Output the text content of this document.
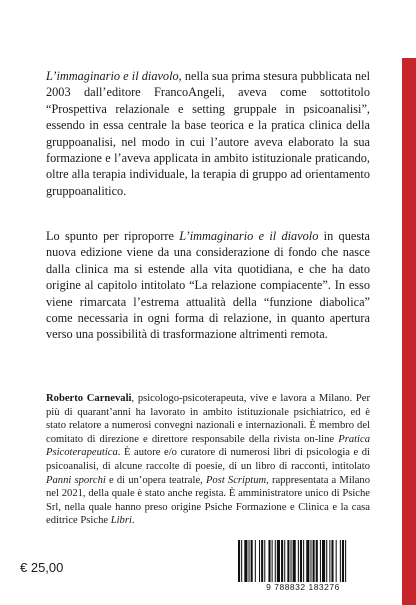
L’immaginario e il diavolo, nella sua prima stesura pubblicata nel 2003 dall’editore FrancoAngeli, aveva come sottotitolo “Prospettiva relazionale e setting gruppale in psicoanalisi”, essendo in essa centrale la base teorica e la pratica clinica della gruppoanalisi, nel modo in cui l’autore aveva elaborato la sua formazione e l’aveva applicata in ambito istituzionale praticando, oltre alla terapia individuale, la terapia di gruppo ad orientamento gruppoanalitico.

Lo spunto per riproporre L’immaginario e il diavolo in questa nuova edizione viene da una considerazione di fondo che nasce dalla clinica ma si estende alla vita quotidiana, e che ha dato origine al capitolo intitolato “La relazione compiacente”. In esso viene rimarcata l’estrema attualità della “funzione diabolica” come necessaria in ogni forma di relazione, in quanto apertura verso una possibilità di trasformazione altrimenti remota.

Roberto Carnevali, psicologo-psicoterapeuta, vive e lavora a Milano. Per più di quarant’anni ha lavorato in ambito istituzionale psichiatrico, ed è stato relatore a numerosi convegni nazionali e internazionali. È membro del comitato di direzione e direttore responsabile della rivista on-line Pratica Psicoterapeutica. È autore e/o curatore di numerosi libri di psicologia e di psicoanalisi, di alcune raccolte di poesie, di un libro di racconti, intitolato Panni sporchi e di un’opera teatrale, Post Scriptum, rappresentata a Milano nel 2021, della quale è stato anche regista. È amministratore unico di Psiche Srl, nella quale hanno preso origine Psiche Formazione e Clinica e la casa editrice Psiche Libri.

€ 25,00
9 788832 183276
